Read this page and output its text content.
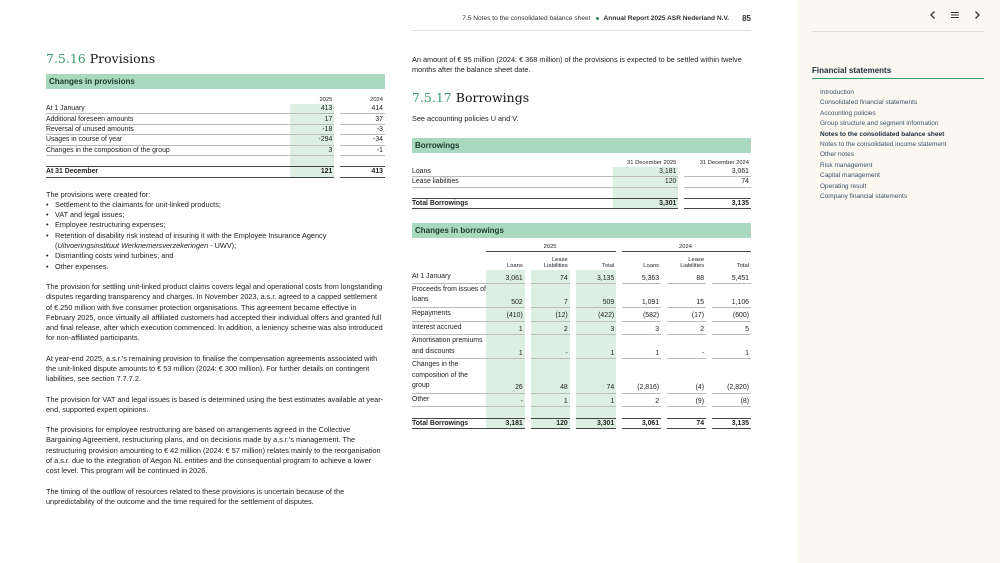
7.5 Notes to the consolidated balance sheet Annual Report 2025 ASR Nederland N.V. 85
7.5.16 Provisions
Changes in provisions
	2025		2024
At 1 January	413		414
Additional foreseen amounts	17		37
Reversal of unused amounts	-18		-3
Usages in course of year	-294		-34
Changes in the composition of the group	3		-1

At 31 December	121		413
The provisions were created for:
• Settlement to the claimants for unit-linked products;
• VAT and legal issues;
• Employee restructuring expenses;
• Retention of disability risk instead of insuring it with the Employee Insurance Agency
(Uitvoeringsinstituut Werknemersverzekeringen - UWV);
• Dismantling costs wind turbines; and
• Other expenses.

The provision for settling unit-linked product claims covers legal and operational costs from longstanding disputes regarding transparency and charges. In November 2023, a.s.r. agreed to a capped settlement of € 250 million with five consumer protection organisations. This agreement became effective in February 2025, once virtually all affiliated customers had accepted their individual offers and granted full and final release, after which execution commenced. In addition, a leniency scheme was also introduced for non-affiliated participants.

At year-end 2025, a.s.r.'s remaining provision to finalise the compensation agreements associated with the unit-linked dispute amounts to € 53 million (2024: € 300 million). For further details on contingent liabilities, see section 7.7.7.2.

The provision for VAT and legal issues is based is determined using the best estimates available at year-end, supported expert opinions.

The provisions for employee restructuring are based on arrangements agreed in the Collective Bargaining Agreement, restructuring plans, and on decisions made by a.s.r.'s management. The restructuring provision amounting to € 42 million (2024: € 57 million) relates mainly to the reorganisation of a.s.r. due to the integration of Aegon NL entities and the consequential program to achieve a lower cost level. This program will be continued in 2026.

The timing of the outflow of resources related to these provisions is uncertain because of the unpredictability of the outcome and the time required for the settlement of disputes.

An amount of € 95 million (2024: € 368 million) of the provisions is expected to be settled within twelve months after the balance sheet date.
7.5.17 Borrowings
See accounting policies U and V.
Borrowings
	31 December 2025		31 December 2024
Loans	3,181		3,061
Lease liabilities	120		74

Total Borrowings	3,301		3,135
Changes in borrowings
	2025						2024				
	Loans		Lease Liabilities		Total		Loans		Lease Liabilities		Total
At 1 January	3,061		74		3,135		5,363		88		5,451
Proceeds from issues of loans	502		7		509		1,091		15		1,106
Repayments	(410)		(12)		(422)		(582)		(17)		(600)
Interest accrued	1		2		3		3		2		5
Amortisation premiums and discounts	1		-		1		1		-		1
Changes in the composition of the group	26		48		74		(2,816)		(4)		(2,820)
Other	-		1		1		2		(9)		(8)

Total Borrowings	3,181		120		3,301		3,061		74		3,135
Financial statements
Introduction
Consolidated financial statements
Accounting policies
Group structure and segment information
Notes to the consolidated balance sheet
Notes to the consolidated income statement
Other notes
Risk management
Capital management
Operating result
Company financial statements
